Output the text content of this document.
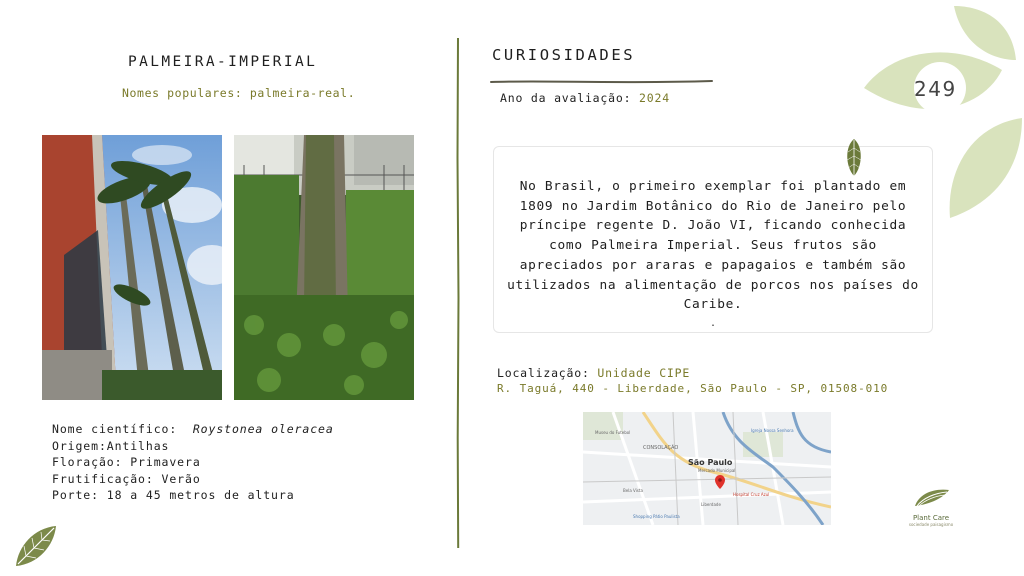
PALMEIRA-IMPERIAL
Nomes populares: palmeira-real.
Nome científico: Roystonea oleracea
Origem:Antilhas
Floração: Primavera
Frutificação: Verão
Porte: 18 a 45 metros de altura
CURIOSIDADES
Ano da avaliação: 2024	249
No Brasil, o primeiro exemplar foi plantado em 1809 no Jardim Botânico do Rio de Janeiro pelo príncipe regente D. João VI, ficando conhecida como Palmeira Imperial. Seus frutos são apreciados por araras e papagaios e também são utilizados na alimentação de porcos nos países do Caribe.
.
Localização: Unidade CIPE
R. Taguá, 440 - Liberdade, São Paulo - SP, 01508-010
São Paulo
CONSOLAÇÃO
Museu do Futebol	Igreja Nossa Senhora
Bela Vista
Liberdade
Hospital Cruz Azul
Shopping Pátio Paulista
Mercado Municipal
Plant Care
sociedade paisagismo
